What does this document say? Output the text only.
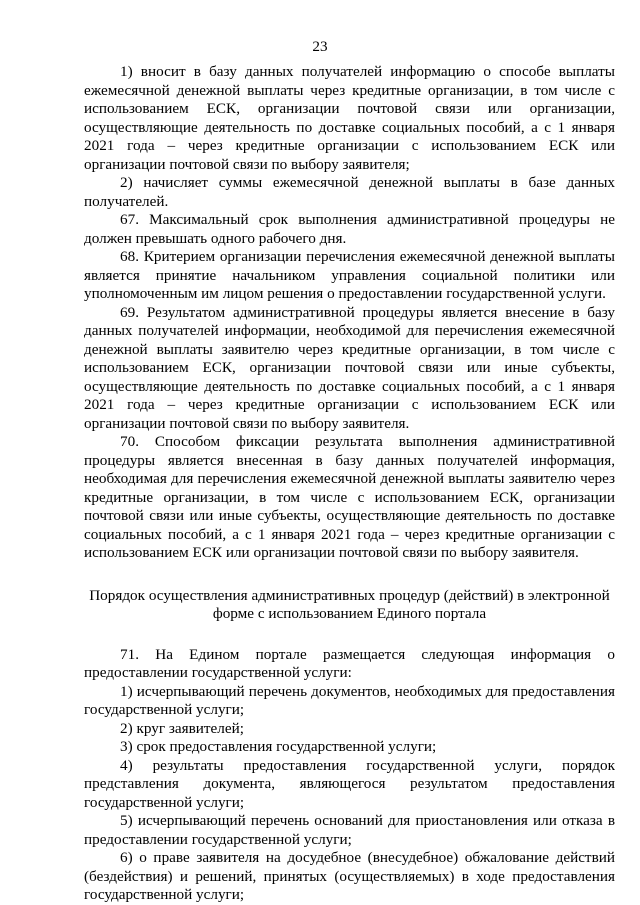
23

1) вносит в базу данных получателей информацию о способе выплаты ежемесячной денежной выплаты через кредитные организации, в том числе с использованием ЕСК, организации почтовой связи или организации, осуществляющие деятельность по доставке социальных пособий, а с 1 января 2021 года – через кредитные организации с использованием ЕСК или организации почтовой связи по выбору заявителя;

2) начисляет суммы ежемесячной денежной выплаты в базе данных получателей.

67. Максимальный срок выполнения административной процедуры не должен превышать одного рабочего дня.

68. Критерием организации перечисления ежемесячной денежной выплаты является принятие начальником управления социальной политики или уполномоченным им лицом решения о предоставлении государственной услуги.

69. Результатом административной процедуры является внесение в базу данных получателей информации, необходимой для перечисления ежемесячной денежной выплаты заявителю через кредитные организации, в том числе с использованием ЕСК, организации почтовой связи или иные субъекты, осуществляющие деятельность по доставке социальных пособий, а с 1 января 2021 года – через кредитные организации с использованием ЕСК или организации почтовой связи по выбору заявителя.

70. Способом фиксации результата выполнения административной процедуры является внесенная в базу данных получателей информация, необходимая для перечисления ежемесячной денежной выплаты заявителю через кредитные организации, в том числе с использованием ЕСК, организации почтовой связи или иные субъекты, осуществляющие деятельность по доставке социальных пособий, а с 1 января 2021 года – через кредитные организации с использованием ЕСК или организации почтовой связи по выбору заявителя.

Порядок осуществления административных процедур (действий) в электронной форме с использованием Единого портала

71. На Едином портале размещается следующая информация о предоставлении государственной услуги:

1) исчерпывающий перечень документов, необходимых для предоставления государственной услуги;

2) круг заявителей;

3) срок предоставления государственной услуги;

4) результаты предоставления государственной услуги, порядок представления документа, являющегося результатом предоставления государственной услуги;

5) исчерпывающий перечень оснований для приостановления или отказа в предоставлении государственной услуги;

6) о праве заявителя на досудебное (внесудебное) обжалование действий (бездействия) и решений, принятых (осуществляемых) в ходе предоставления государственной услуги;
